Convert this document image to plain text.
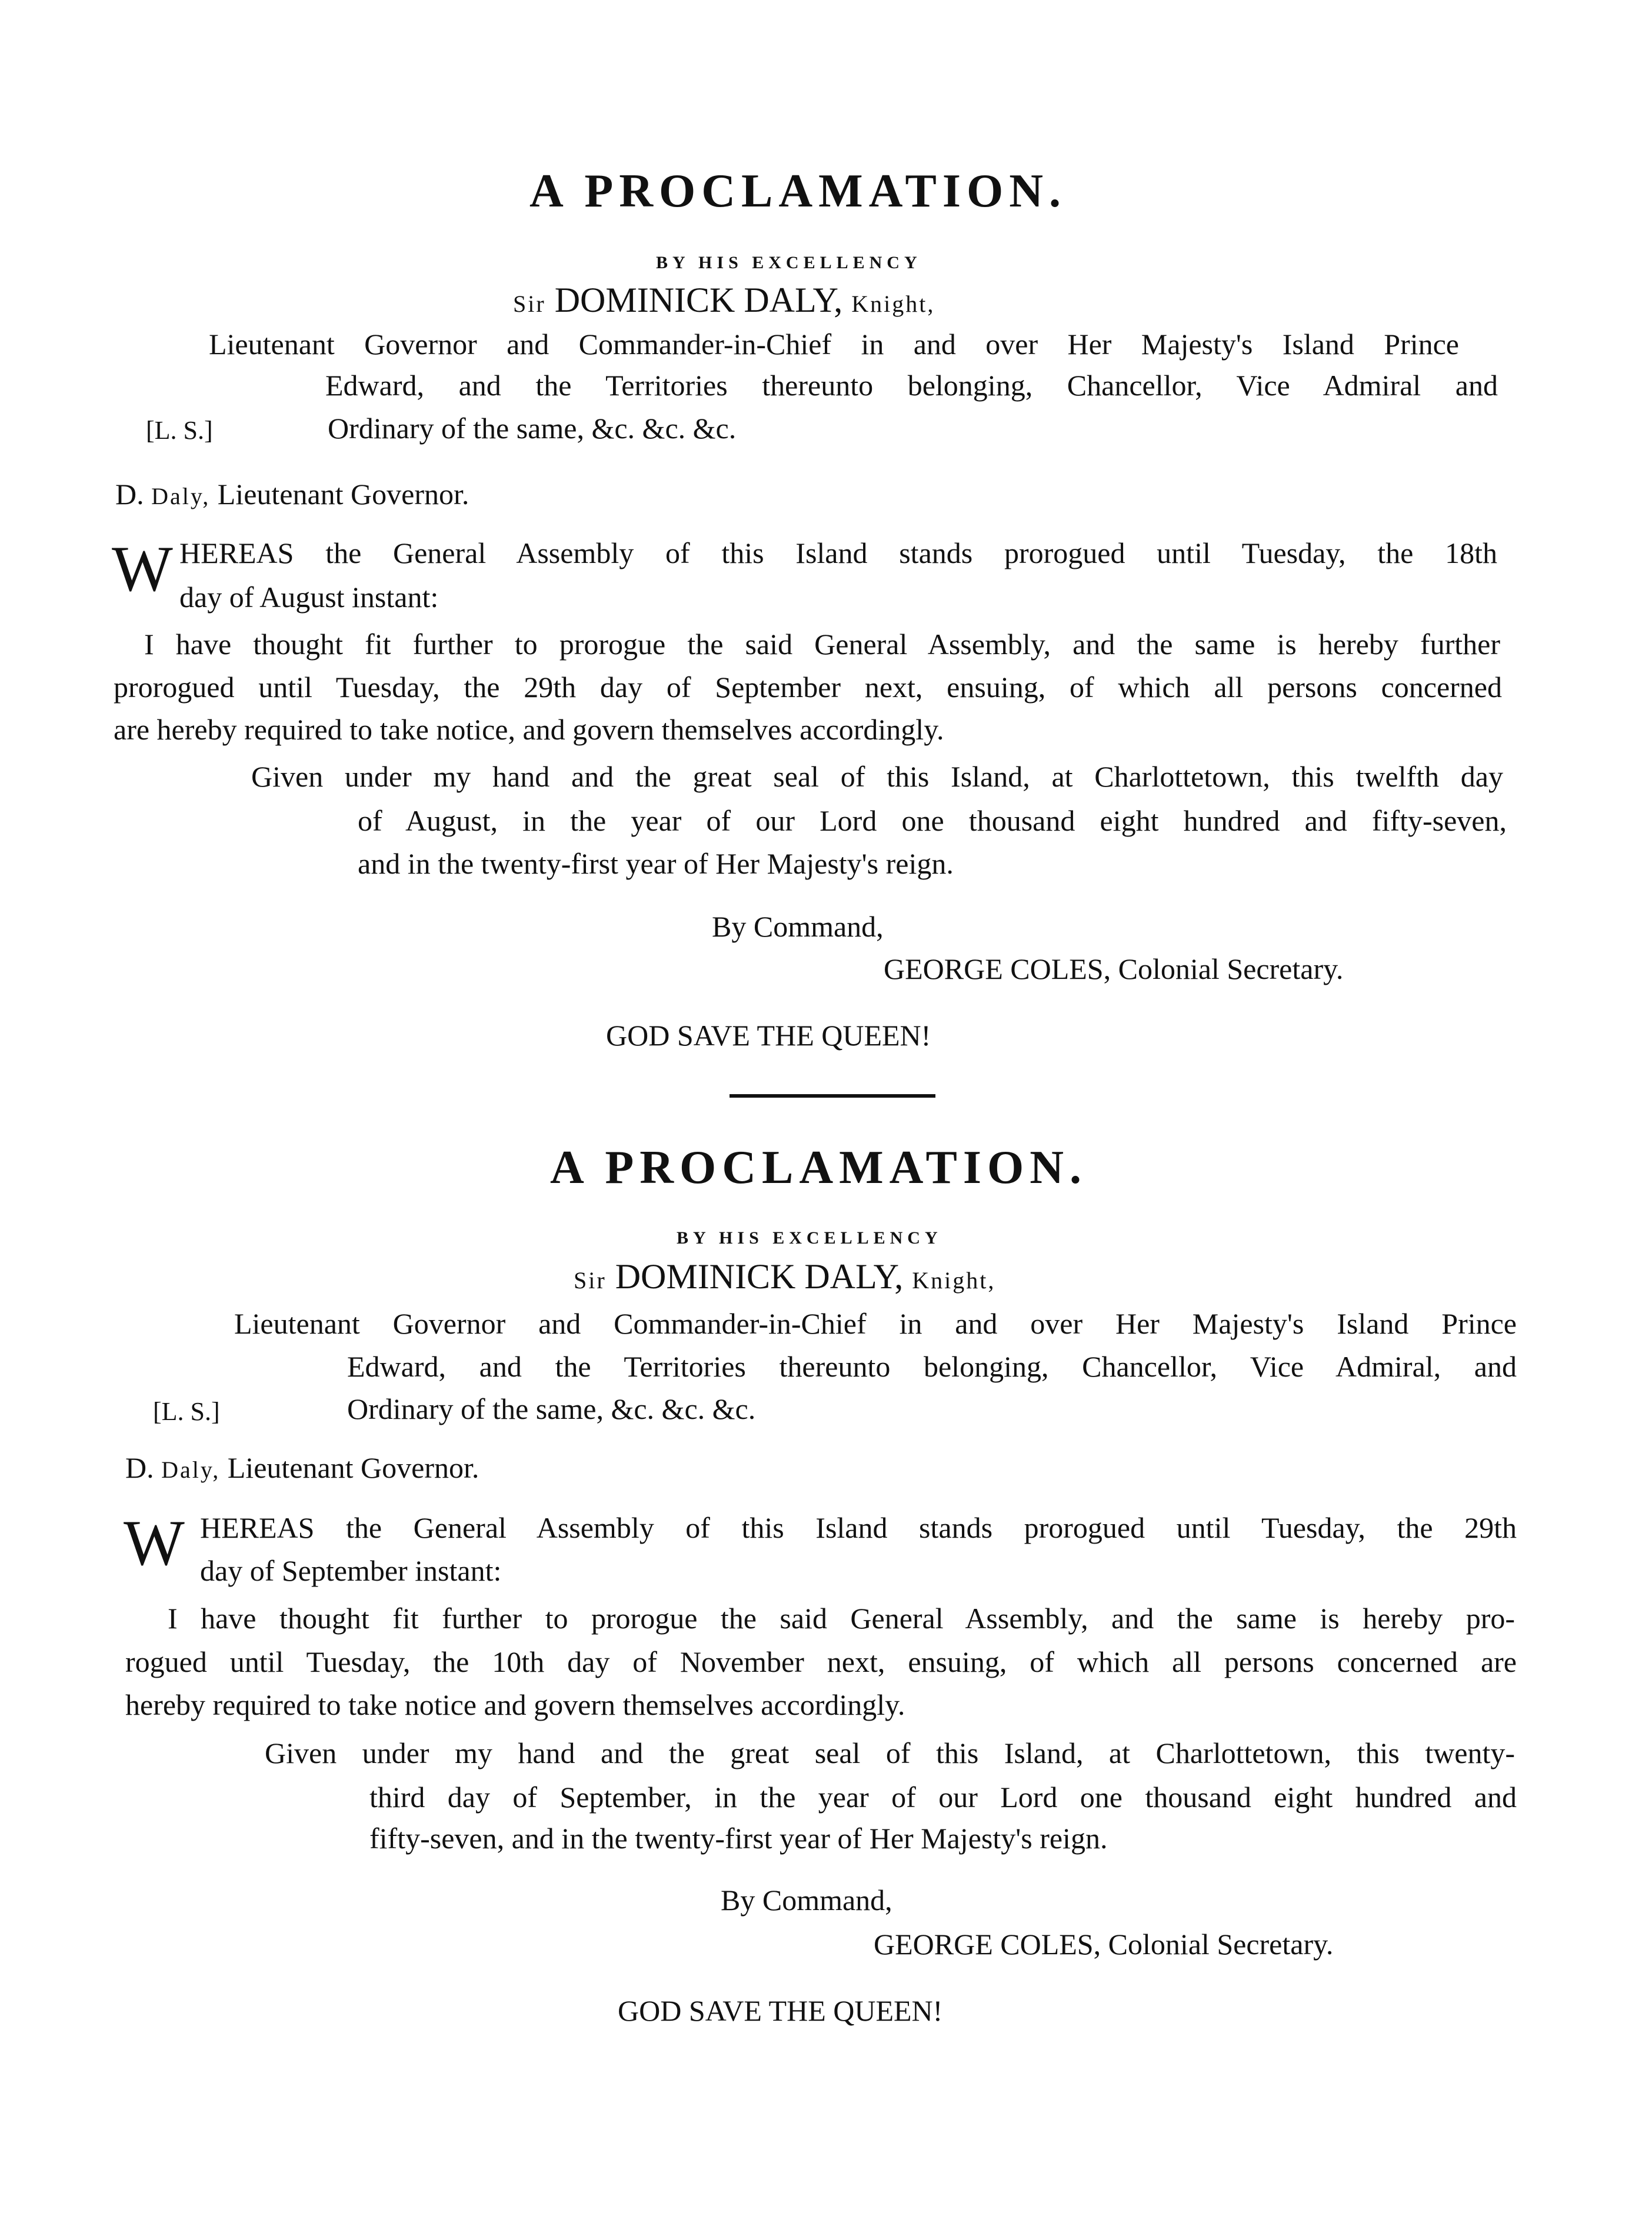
A PROCLAMATION.

BY HIS EXCELLENCY

Sir DOMINICK DALY, Knight,

Lieutenant Governor and Commander-in-Chief in and over Her Majesty's Island Prince

Edward, and the Territories thereunto belonging, Chancellor, Vice Admiral and

[L. S.]	Ordinary of the same, &c. &c. &c.

D. Daly, Lieutenant Governor.

W HEREAS the General Assembly of this Island stands prorogued until Tuesday, the 18th

day of August instant:

I have thought fit further to prorogue the said General Assembly, and the same is hereby further

prorogued until Tuesday, the 29th day of September next, ensuing, of which all persons concerned

are hereby required to take notice, and govern themselves accordingly.

Given under my hand and the great seal of this Island, at Charlottetown, this twelfth day

of August, in the year of our Lord one thousand eight hundred and fifty-seven,

and in the twenty-first year of Her Majesty's reign.

By Command,

GEORGE COLES, Colonial Secretary.

GOD SAVE THE QUEEN!

A PROCLAMATION.

BY HIS EXCELLENCY

Sir DOMINICK DALY, Knight,

Lieutenant Governor and Commander-in-Chief in and over Her Majesty's Island Prince

Edward, and the Territories thereunto belonging, Chancellor, Vice Admiral, and

[L. S.]	Ordinary of the same, &c. &c. &c.

D. Daly, Lieutenant Governor.

W HEREAS the General Assembly of this Island stands prorogued until Tuesday, the 29th

day of September instant:

I have thought fit further to prorogue the said General Assembly, and the same is hereby pro-

rogued until Tuesday, the 10th day of November next, ensuing, of which all persons concerned are

hereby required to take notice and govern themselves accordingly.

Given under my hand and the great seal of this Island, at Charlottetown, this twenty-

third day of September, in the year of our Lord one thousand eight hundred and

fifty-seven, and in the twenty-first year of Her Majesty's reign.

By Command,

GEORGE COLES, Colonial Secretary.

GOD SAVE THE QUEEN!
